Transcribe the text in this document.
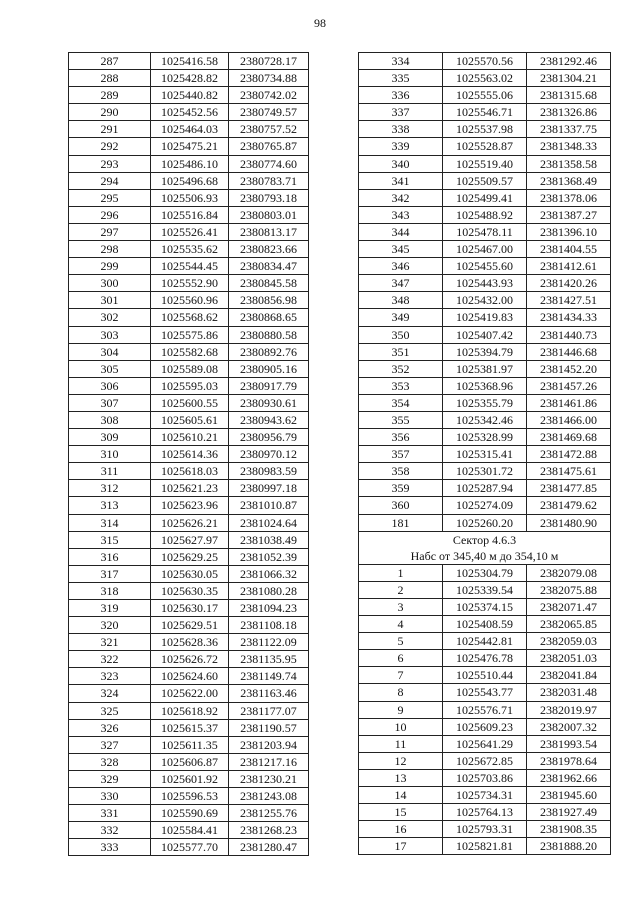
98
287	1025416.58	2380728.17
288	1025428.82	2380734.88
289	1025440.82	2380742.02
290	1025452.56	2380749.57
291	1025464.03	2380757.52
292	1025475.21	2380765.87
293	1025486.10	2380774.60
294	1025496.68	2380783.71
295	1025506.93	2380793.18
296	1025516.84	2380803.01
297	1025526.41	2380813.17
298	1025535.62	2380823.66
299	1025544.45	2380834.47
300	1025552.90	2380845.58
301	1025560.96	2380856.98
302	1025568.62	2380868.65
303	1025575.86	2380880.58
304	1025582.68	2380892.76
305	1025589.08	2380905.16
306	1025595.03	2380917.79
307	1025600.55	2380930.61
308	1025605.61	2380943.62
309	1025610.21	2380956.79
310	1025614.36	2380970.12
311	1025618.03	2380983.59
312	1025621.23	2380997.18
313	1025623.96	2381010.87
314	1025626.21	2381024.64
315	1025627.97	2381038.49
316	1025629.25	2381052.39
317	1025630.05	2381066.32
318	1025630.35	2381080.28
319	1025630.17	2381094.23
320	1025629.51	2381108.18
321	1025628.36	2381122.09
322	1025626.72	2381135.95
323	1025624.60	2381149.74
324	1025622.00	2381163.46
325	1025618.92	2381177.07
326	1025615.37	2381190.57
327	1025611.35	2381203.94
328	1025606.87	2381217.16
329	1025601.92	2381230.21
330	1025596.53	2381243.08
331	1025590.69	2381255.76
332	1025584.41	2381268.23
333	1025577.70	2381280.47
334	1025570.56	2381292.46
335	1025563.02	2381304.21
336	1025555.06	2381315.68
337	1025546.71	2381326.86
338	1025537.98	2381337.75
339	1025528.87	2381348.33
340	1025519.40	2381358.58
341	1025509.57	2381368.49
342	1025499.41	2381378.06
343	1025488.92	2381387.27
344	1025478.11	2381396.10
345	1025467.00	2381404.55
346	1025455.60	2381412.61
347	1025443.93	2381420.26
348	1025432.00	2381427.51
349	1025419.83	2381434.33
350	1025407.42	2381440.73
351	1025394.79	2381446.68
352	1025381.97	2381452.20
353	1025368.96	2381457.26
354	1025355.79	2381461.86
355	1025342.46	2381466.00
356	1025328.99	2381469.68
357	1025315.41	2381472.88
358	1025301.72	2381475.61
359	1025287.94	2381477.85
360	1025274.09	2381479.62
181	1025260.20	2381480.90
Сектор 4.6.3		
Набс от 345,40 м до 354,10 м		
1	1025304.79	2382079.08
2	1025339.54	2382075.88
3	1025374.15	2382071.47
4	1025408.59	2382065.85
5	1025442.81	2382059.03
6	1025476.78	2382051.03
7	1025510.44	2382041.84
8	1025543.77	2382031.48
9	1025576.71	2382019.97
10	1025609.23	2382007.32
11	1025641.29	2381993.54
12	1025672.85	2381978.64
13	1025703.86	2381962.66
14	1025734.31	2381945.60
15	1025764.13	2381927.49
16	1025793.31	2381908.35
17	1025821.81	2381888.20
